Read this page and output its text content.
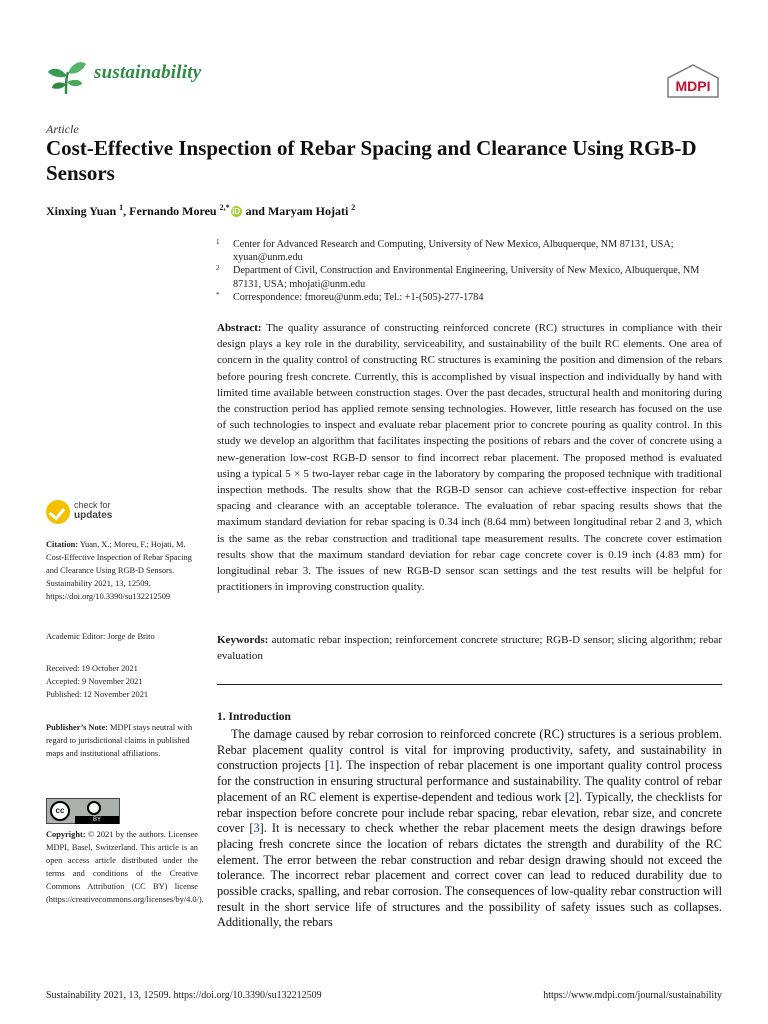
sustainability
MDPI
Article
Cost-Effective Inspection of Rebar Spacing and Clearance Using RGB-D Sensors
Xinxing Yuan $^1$, Fernando Moreu $^{2,*}$ iD and Maryam Hojati $^2$
1 Center for Advanced Research and Computing, University of New Mexico, Albuquerque, NM 87131, USA; xyuan@unm.edu
2 Department of Civil, Construction and Environmental Engineering, University of New Mexico, Albuquerque, NM 87131, USA; mhojati@unm.edu
* Correspondence: fmoreu@unm.edu; Tel.: +1-(505)-277-1784

Abstract: The quality assurance of constructing reinforced concrete (RC) structures in compliance with their design plays a key role in the durability, serviceability, and sustainability of the built RC elements. One area of concern in the quality control of constructing RC structures is examining the position and dimension of the rebars before pouring fresh concrete. Currently, this is accomplished by visual inspection and individually by hand with limited time available between construction stages. Over the past decades, structural health and monitoring during the construction period has applied remote sensing technologies. However, little research has focused on the use of such technologies to inspect and evaluate rebar placement prior to concrete pouring as quality control. In this study we develop an algorithm that facilitates inspecting the positions of rebars and the cover of concrete using a new-generation low-cost RGB-D sensor to find incorrect rebar placement. The proposed method is evaluated using a typical 5 × 5 two-layer rebar cage in the laboratory by comparing the proposed technique with traditional inspection methods. The results show that the RGB-D sensor can achieve cost-effective inspection for rebar spacing and clearance with an acceptable tolerance. The evaluation of rebar spacing results shows that the maximum standard deviation for rebar spacing is 0.34 inch (8.64 mm) between longitudinal rebar 2 and 3, which is the same as the rebar construction and traditional tape measurement results. The concrete cover estimation results show that the maximum standard deviation for rebar cage concrete cover is 0.19 inch (4.83 mm) for longitudinal rebar 3. The issues of new RGB-D sensor scan settings and the test results will be helpful for practitioners in improving construction quality.

Keywords: automatic rebar inspection; reinforcement concrete structure; RGB-D sensor; slicing algorithm; rebar evaluation

1. Introduction

The damage caused by rebar corrosion to reinforced concrete (RC) structures is a serious problem. Rebar placement quality control is vital for improving productivity, safety, and sustainability in construction projects [1]. The inspection of rebar placement is one important quality control process for the construction in ensuring structural performance and sustainability. The quality control of rebar placement of an RC element is expertise-dependent and tedious work [2]. Typically, the checklists for rebar inspection before concrete pour include rebar spacing, rebar elevation, rebar size, and concrete cover [3]. It is necessary to check whether the rebar placement meets the design drawings before placing fresh concrete since the location of rebars dictates the strength and durability of the RC element. The error between the rebar construction and rebar design drawing should not exceed the tolerance. The incorrect rebar placement and correct cover can lead to reduced durability due to possible cracks, spalling, and rebar corrosion. The consequences of low-quality rebar construction will result in the short service life of structures and the possibility of safety issues such as collapses. Additionally, the rebars

check for
updates
Citation: Yuan, X.; Moreu, F.; Hojati, M. Cost-Effective Inspection of Rebar Spacing and Clearance Using RGB-D Sensors. Sustainability 2021, 13, 12509. https://doi.org/10.3390/su132212509
Academic Editor: Jorge de Brito
Received: 19 October 2021
Accepted: 9 November 2021
Published: 12 November 2021
Publisher’s Note: MDPI stays neutral with regard to jurisdictional claims in published maps and institutional affiliations.
cc
BY
Copyright: © 2021 by the authors. Licensee MDPI, Basel, Switzerland. This article is an open access article distributed under the terms and conditions of the Creative Commons Attribution (CC BY) license (https://creativecommons.org/licenses/by/4.0/).
Sustainability 2021, 13, 12509. https://doi.org/10.3390/su132212509	https://www.mdpi.com/journal/sustainability
